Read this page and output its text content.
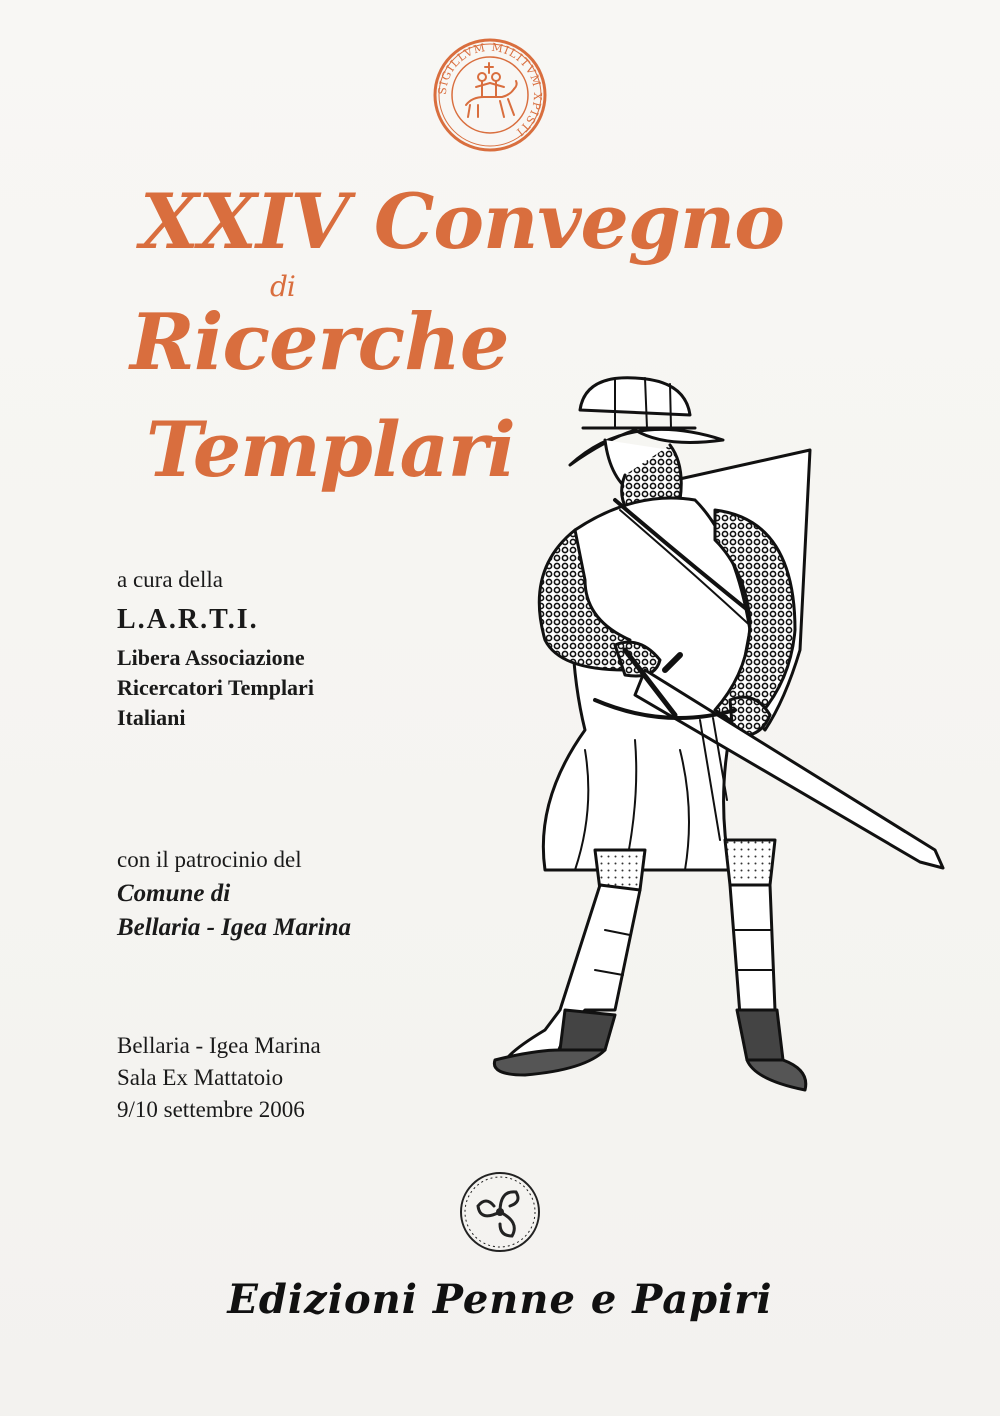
SIGILLVM MILITVM XPISTI
XXIV Convegno
di
Ricerche
Templari
a cura della
L.A.R.T.I.
Libera Associazione
Ricercatori Templari
Italiani
con il patrocinio del
Comune di
Bellaria - Igea Marina
Bellaria - Igea Marina
Sala Ex Mattatoio
9/10 settembre 2006
Edizioni Penne e Papiri
